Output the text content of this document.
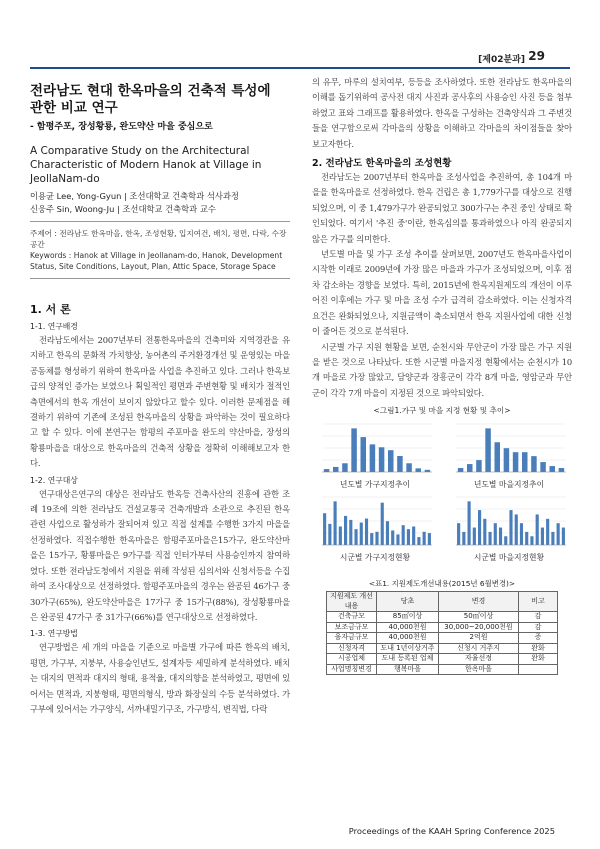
[제02분과] 29
전라남도 현대 한옥마을의 건축적 특성에
관한 비교 연구
- 함평주포, 장성황룡, 완도약산 마을 중심으로
A Comparative Study on the Architectural
Characteristic of Modern Hanok at Village in
JeollaNam-do
이용균 Lee, Yong-Gyun | 조선대학교 건축학과 석사과정
신웅주 Sin, Woong-Ju | 조선대학교 건축학과 교수
주제어 : 전라남도 한옥마을, 한옥, 조성현황, 입지여건, 배치, 평면, 다락, 수장공간
Keywords : Hanok at Village in Jeollanam-do, Hanok, Development Status, Site Conditions, Layout, Plan, Attic Space, Storage Space
1. 서 론
1-1. 연구배경
전라남도에서는 2007년부터 전통한옥마을의 건축미와 지역경관을 유지하고 한옥의 문화적 가치향상, 농어촌의 주거환경개선 및 운영있는 마을 공동체를 형성하기 위하여 한옥마을 사업을 추진하고 있다. 그러나 한옥보급의 양적인 증가는 보였으나 획일적인 평면과 주변현황 및 배치가 절적인 측면에서의 한옥 개선이 보이지 않았다고 할수 있다. 이러한 문제점을 해결하기 위하여 기존에 조성된 한옥마을의 상황을 파악하는 것이 필요하다고 할 수 있다. 이에 본연구는 함평의 주포마을 완도의 약산마을, 장성의 황룡마을을 대상으로 한옥마을의 건축적 상황을 정확히 이해해보고자 한다.
1-2. 연구대상
연구대상은연구의 대상은 전라남도 한옥등 건축사산의 진흥에 관한 조례 19조에 의한 전라남도 건설교통국 건축개발과 소관으로 추진된 한옥 관련 사업으로 활성하가 잘되어져 있고 직접 설계를 수행한 3가지 마을을 선정하였다. 직접수행한 한옥마을은 함평주포마을은15가구, 완도약산마을은 15가구, 황룡마을은 9가구를 직접 인터가부터 사용승인까지 참여하였다. 또한 전라남도청에서 지원을 위해 작성된 심의서와 신청서등을 수집하여 조사대상으로 선정하였다. 함평주포마을의 경우는 완공된 46가구 중 30가구(65%), 완도약산마을은 17가구 중 15가구(88%), 장성황룡마을은 완공된 47가구 중 31가구(66%)를 연구대상으로 선정하였다.
1-3. 연구방법
연구방법은 세 개의 마을을 기준으로 마을별 가구에 따른 한옥의 배치, 평면, 가구부, 지붕부, 사용승인년도, 설계자등 세밀하게 분석하였다. 배치는 대지의 면적과 대지의 형태, 용적율, 대지의향을 분석하였고, 평면에 있어서는 면적과, 지붕형태, 평면의형식, 방과 화장실의 수등 분석하였다. 가구부에 있어서는 가구양식, 서까내밀기구조, 가구방식, 변직법, 다락
의 유무, 마루의 설치여부, 등등을 조사하였다. 또한 전라남도 한옥마을의 이해를 돕기위하여 공사전 대지 사진과 공사후의 사용승인 사진 등을 첨부하였고 표와 그래프를 활용하였다. 한옥을 구성하는 건축양식과 그 주변것들을 연구함으로써 각마을의 상황을 이해하고 각마을의 차이점들을 찾아보고자한다.
2. 전라남도 한옥마을의 조성현황
전라남도는 2007년부터 한옥마을 조성사업을 추진하여, 총 104개 마을을 한옥마을로 선정하였다. 한옥 건립은 총 1,779가구를 대상으로 진행되었으며, 이 중 1,479가구가 완공되었고 300가구는 추진 중인 상태로 확인되었다. 여기서 '추진 중'이란, 한옥심의를 통과하였으나 아직 완공되지 않은 가구를 의미한다.
년도별 마을 및 가구 조성 추이를 살펴보면, 2007년도 한옥마을사업이 시작한 이래로 2009년에 가장 많은 마을과 가구가 조성되었으며, 이후 점차 감소하는 경향을 보였다. 특히, 2015년에 한옥지원제도의 개선이 이루어진 이후에는 가구 및 마을 조성 수가 급격히 감소하였다. 이는 신청자격 요건은 완화되었으나, 지원금액이 축소되면서 한옥 지원사업에 대한 신청이 줄어든 것으로 분석된다.
시군별 가구 지원 현황을 보면, 순천시와 무안군이 가장 많은 가구 지원을 받은 것으로 나타났다. 또한 시군별 마을지정 현황에서는 순천시가 10개 마을로 가장 많았고, 담양군과 장흥군이 각각 8개 마을, 영암군과 무안군이 각각 7개 마을이 지정된 것으로 파악되었다.
<그림1.가구 및 마을 지정 현황 및 추이>
년도별 가구지정추이	년도별 마을지정추이
시군별 가구지정현황	시군별 마을지정현황
<표1. 지원제도개선내용(2015년 6월변경)>
지원제도 개선내용	당초	변경	비고
건축규모	85㎡이상	50㎡이상	감
보조금규모	40,000천원	30,000~20,000천원	감
융자금규모	40,000천원	2억원	증
신청자격	도내 1년이상거주	신청시 거주지	완화
시공업체	도내 등록된 업체	자율선정	완화
사업명칭변경	행복마을	한옥마을	
Proceedings of the KAAH Spring Conference 2025
